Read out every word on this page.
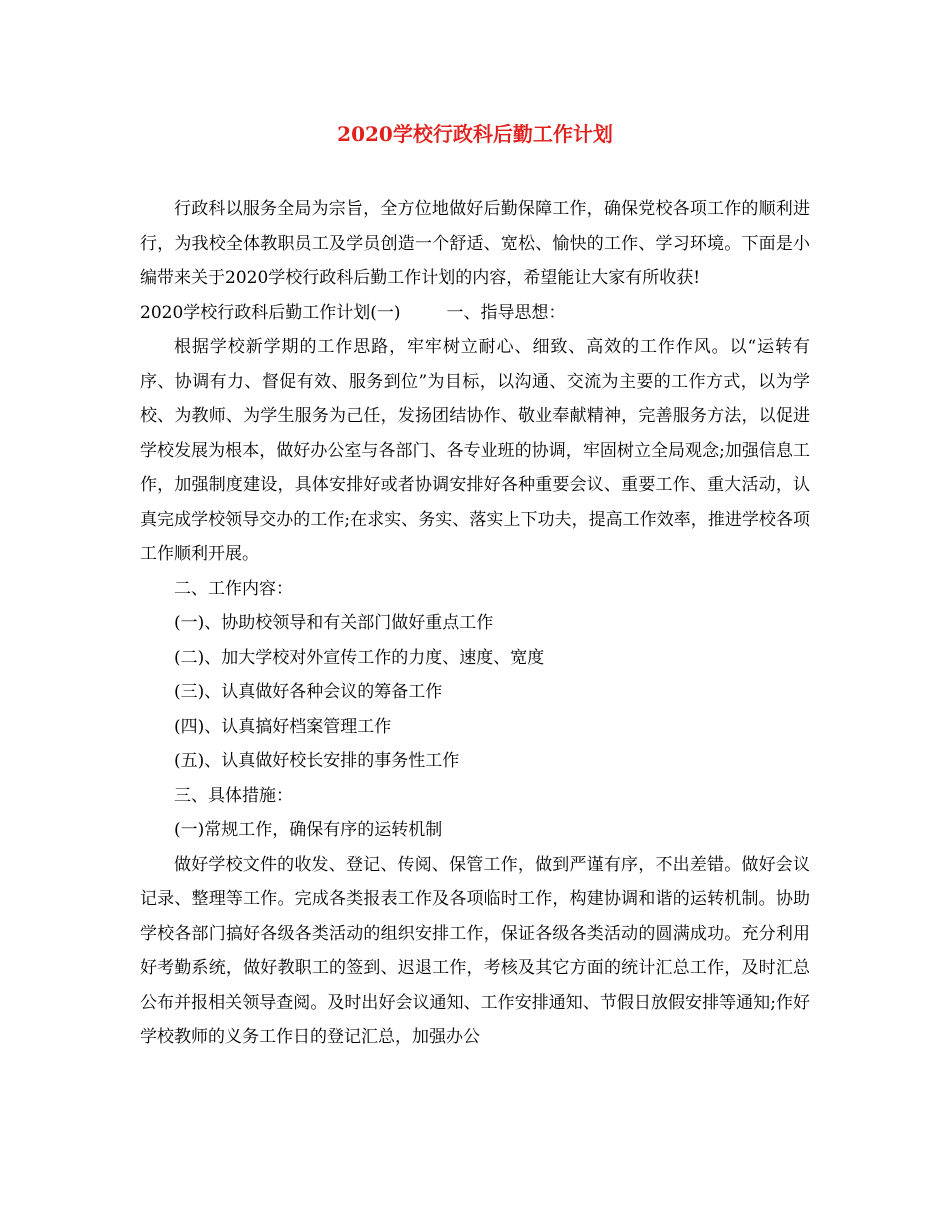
2020学校行政科后勤工作计划

行政科以服务全局为宗旨，全方位地做好后勤保障工作，确保党校各项工作的顺利进行，为我校全体教职员工及学员创造一个舒适、宽松、愉快的工作、学习环境。下面是小编带来关于2020学校行政科后勤工作计划的内容，希望能让大家有所收获!

2020学校行政科后勤工作计划(一)	一、指导思想：

根据学校新学期的工作思路，牢牢树立耐心、细致、高效的工作作风。以“运转有序、协调有力、督促有效、服务到位”为目标，以沟通、交流为主要的工作方式，以为学校、为教师、为学生服务为己任，发扬团结协作、敬业奉献精神，完善服务方法，以促进学校发展为根本，做好办公室与各部门、各专业班的协调，牢固树立全局观念;加强信息工作，加强制度建设，具体安排好或者协调安排好各种重要会议、重要工作、重大活动，认真完成学校领导交办的工作;在求实、务实、落实上下功夫，提高工作效率，推进学校各项工作顺利开展。

二、工作内容：

(一)、协助校领导和有关部门做好重点工作

(二)、加大学校对外宣传工作的力度、速度、宽度

(三)、认真做好各种会议的筹备工作

(四)、认真搞好档案管理工作

(五)、认真做好校长安排的事务性工作

三、具体措施：

(一)常规工作，确保有序的运转机制

做好学校文件的收发、登记、传阅、保管工作，做到严谨有序，不出差错。做好会议记录、整理等工作。完成各类报表工作及各项临时工作，构建协调和谐的运转机制。协助学校各部门搞好各级各类活动的组织安排工作，保证各级各类活动的圆满成功。充分利用好考勤系统，做好教职工的签到、迟退工作，考核及其它方面的统计汇总工作，及时汇总公布并报相关领导查阅。及时出好会议通知、工作安排通知、节假日放假安排等通知;作好学校教师的义务工作日的登记汇总，加强办公
